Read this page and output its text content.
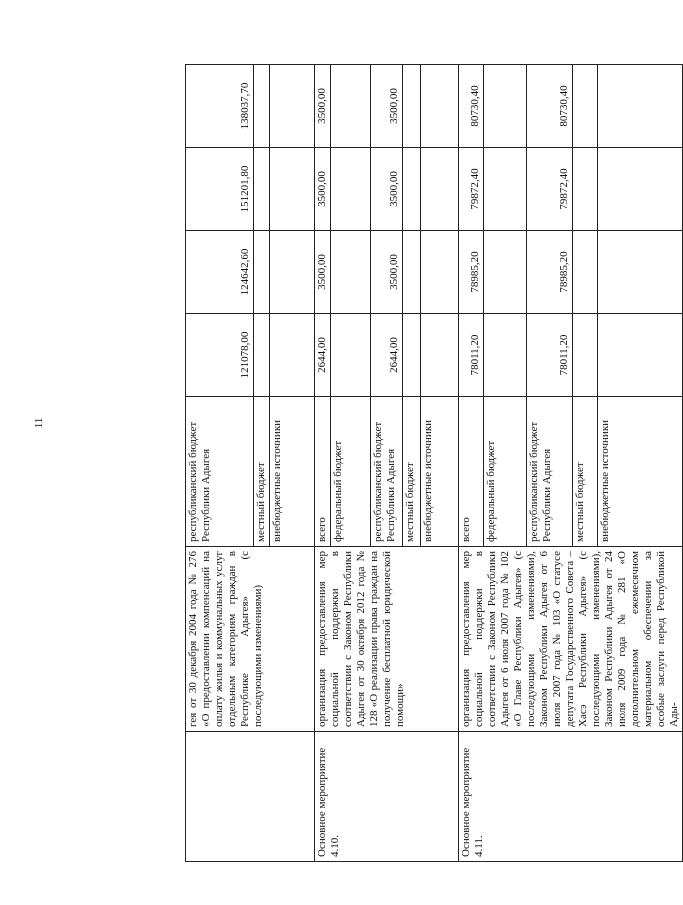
11
	гея от 30 декабря 2004 года № 276 «О предоставлении компенсаций на оплату жилья и коммунальных услуг отдельным категориям граждан в Республике Адыгея» (с последующими изменениями)	республиканский бюджет Республики Адыгея	121078,00	124642,60	151201,80	138037,70
		местный бюджет				
		внебюджетные источники				
Основное мероприятие 4.10.	организация предоставления мер социальной поддержки в соответствии с Законом Республики Адыгея от 30 октября 2012 года № 128 «О реализации права граждан на получение бесплатной юридической помощи»	всего	2644,00	3500,00	3500,00	3500,00
		федеральный бюджет				
		республиканский бюджет Республики Адыгея	2644,00	3500,00	3500,00	3500,00
		местный бюджет				
		внебюджетные источники				
Основное мероприятие 4.11.	организация предоставления мер социальной поддержки в соответствии с Законом Республики Адыгея от 6 июля 2007 года № 102 «О Главе Республики Адыгея» (с последующими изменениями), Законом Республики Адыгея от 6 июля 2007 года № 103 «О статусе депутата Государственного Совета – Хасэ Республики Адыгея» (с последующими изменениями), Законом Республики Адыгея от 24 июля 2009 года № 281 «О дополнительном ежемесячном материальном обеспечении за особые заслуги перед Республикой Ады-	всего	78011,20	78985,20	79872,40	80730,40
		федеральный бюджет				
		республиканский бюджет Республики Адыгея	78011,20	78985,20	79872,40	80730,40
		местный бюджет				
		внебюджетные источники				
